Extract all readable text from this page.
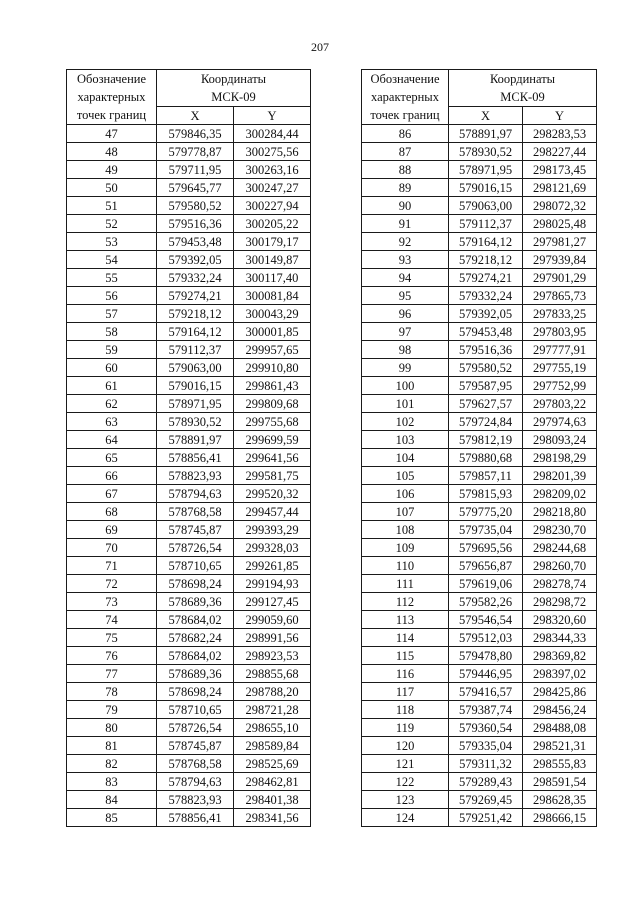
207
Обозначение
характерных
точек границ	Координаты
МСК-09	
	X	Y
47	579846,35	300284,44
48	579778,87	300275,56
49	579711,95	300263,16
50	579645,77	300247,27
51	579580,52	300227,94
52	579516,36	300205,22
53	579453,48	300179,17
54	579392,05	300149,87
55	579332,24	300117,40
56	579274,21	300081,84
57	579218,12	300043,29
58	579164,12	300001,85
59	579112,37	299957,65
60	579063,00	299910,80
61	579016,15	299861,43
62	578971,95	299809,68
63	578930,52	299755,68
64	578891,97	299699,59
65	578856,41	299641,56
66	578823,93	299581,75
67	578794,63	299520,32
68	578768,58	299457,44
69	578745,87	299393,29
70	578726,54	299328,03
71	578710,65	299261,85
72	578698,24	299194,93
73	578689,36	299127,45
74	578684,02	299059,60
75	578682,24	298991,56
76	578684,02	298923,53
77	578689,36	298855,68
78	578698,24	298788,20
79	578710,65	298721,28
80	578726,54	298655,10
81	578745,87	298589,84
82	578768,58	298525,69
83	578794,63	298462,81
84	578823,93	298401,38
85	578856,41	298341,56
Обозначение
характерных
точек границ	Координаты
МСК-09	
	X	Y
86	578891,97	298283,53
87	578930,52	298227,44
88	578971,95	298173,45
89	579016,15	298121,69
90	579063,00	298072,32
91	579112,37	298025,48
92	579164,12	297981,27
93	579218,12	297939,84
94	579274,21	297901,29
95	579332,24	297865,73
96	579392,05	297833,25
97	579453,48	297803,95
98	579516,36	297777,91
99	579580,52	297755,19
100	579587,95	297752,99
101	579627,57	297803,22
102	579724,84	297974,63
103	579812,19	298093,24
104	579880,68	298198,29
105	579857,11	298201,39
106	579815,93	298209,02
107	579775,20	298218,80
108	579735,04	298230,70
109	579695,56	298244,68
110	579656,87	298260,70
111	579619,06	298278,74
112	579582,26	298298,72
113	579546,54	298320,60
114	579512,03	298344,33
115	579478,80	298369,82
116	579446,95	298397,02
117	579416,57	298425,86
118	579387,74	298456,24
119	579360,54	298488,08
120	579335,04	298521,31
121	579311,32	298555,83
122	579289,43	298591,54
123	579269,45	298628,35
124	579251,42	298666,15
